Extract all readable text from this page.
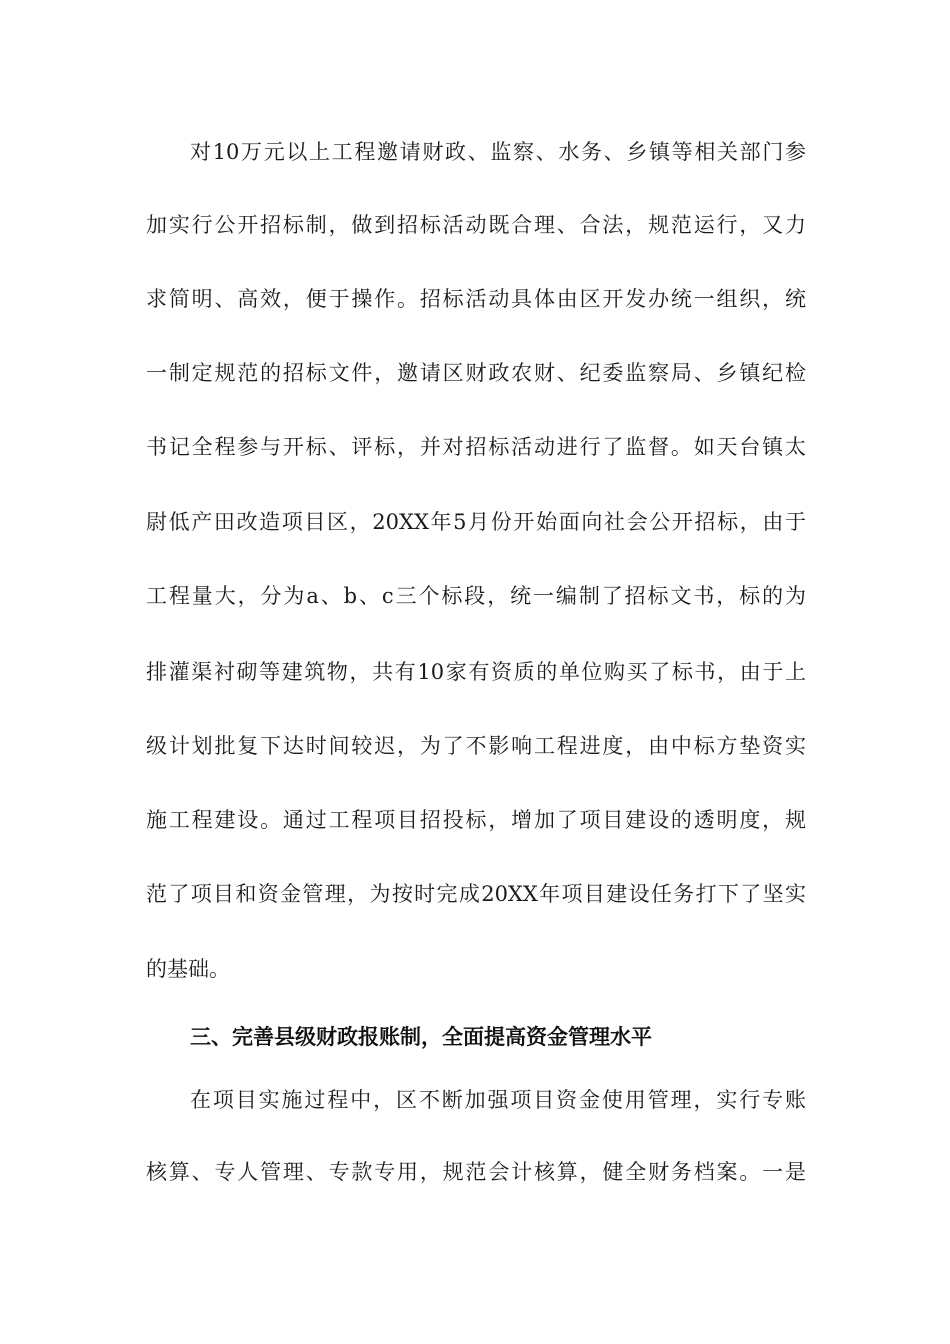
对10万元以上工程邀请财政、监察、水务、乡镇等相关部门参
加实行公开招标制，做到招标活动既合理、合法，规范运行，又力
求简明、高效，便于操作。招标活动具体由区开发办统一组织，统
一制定规范的招标文件，邀请区财政农财、纪委监察局、乡镇纪检
书记全程参与开标、评标，并对招标活动进行了监督。如天台镇太
尉低产田改造项目区，20XX年5月份开始面向社会公开招标，由于
工程量大，分为a、b、c三个标段，统一编制了招标文书，标的为
排灌渠衬砌等建筑物，共有10家有资质的单位购买了标书，由于上
级计划批复下达时间较迟，为了不影响工程进度，由中标方垫资实
施工程建设。通过工程项目招投标，增加了项目建设的透明度，规
范了项目和资金管理，为按时完成20XX年项目建设任务打下了坚实
的基础。
三、完善县级财政报账制，全面提高资金管理水平
在项目实施过程中，区不断加强项目资金使用管理，实行专账
核算、专人管理、专款专用，规范会计核算，健全财务档案。一是
